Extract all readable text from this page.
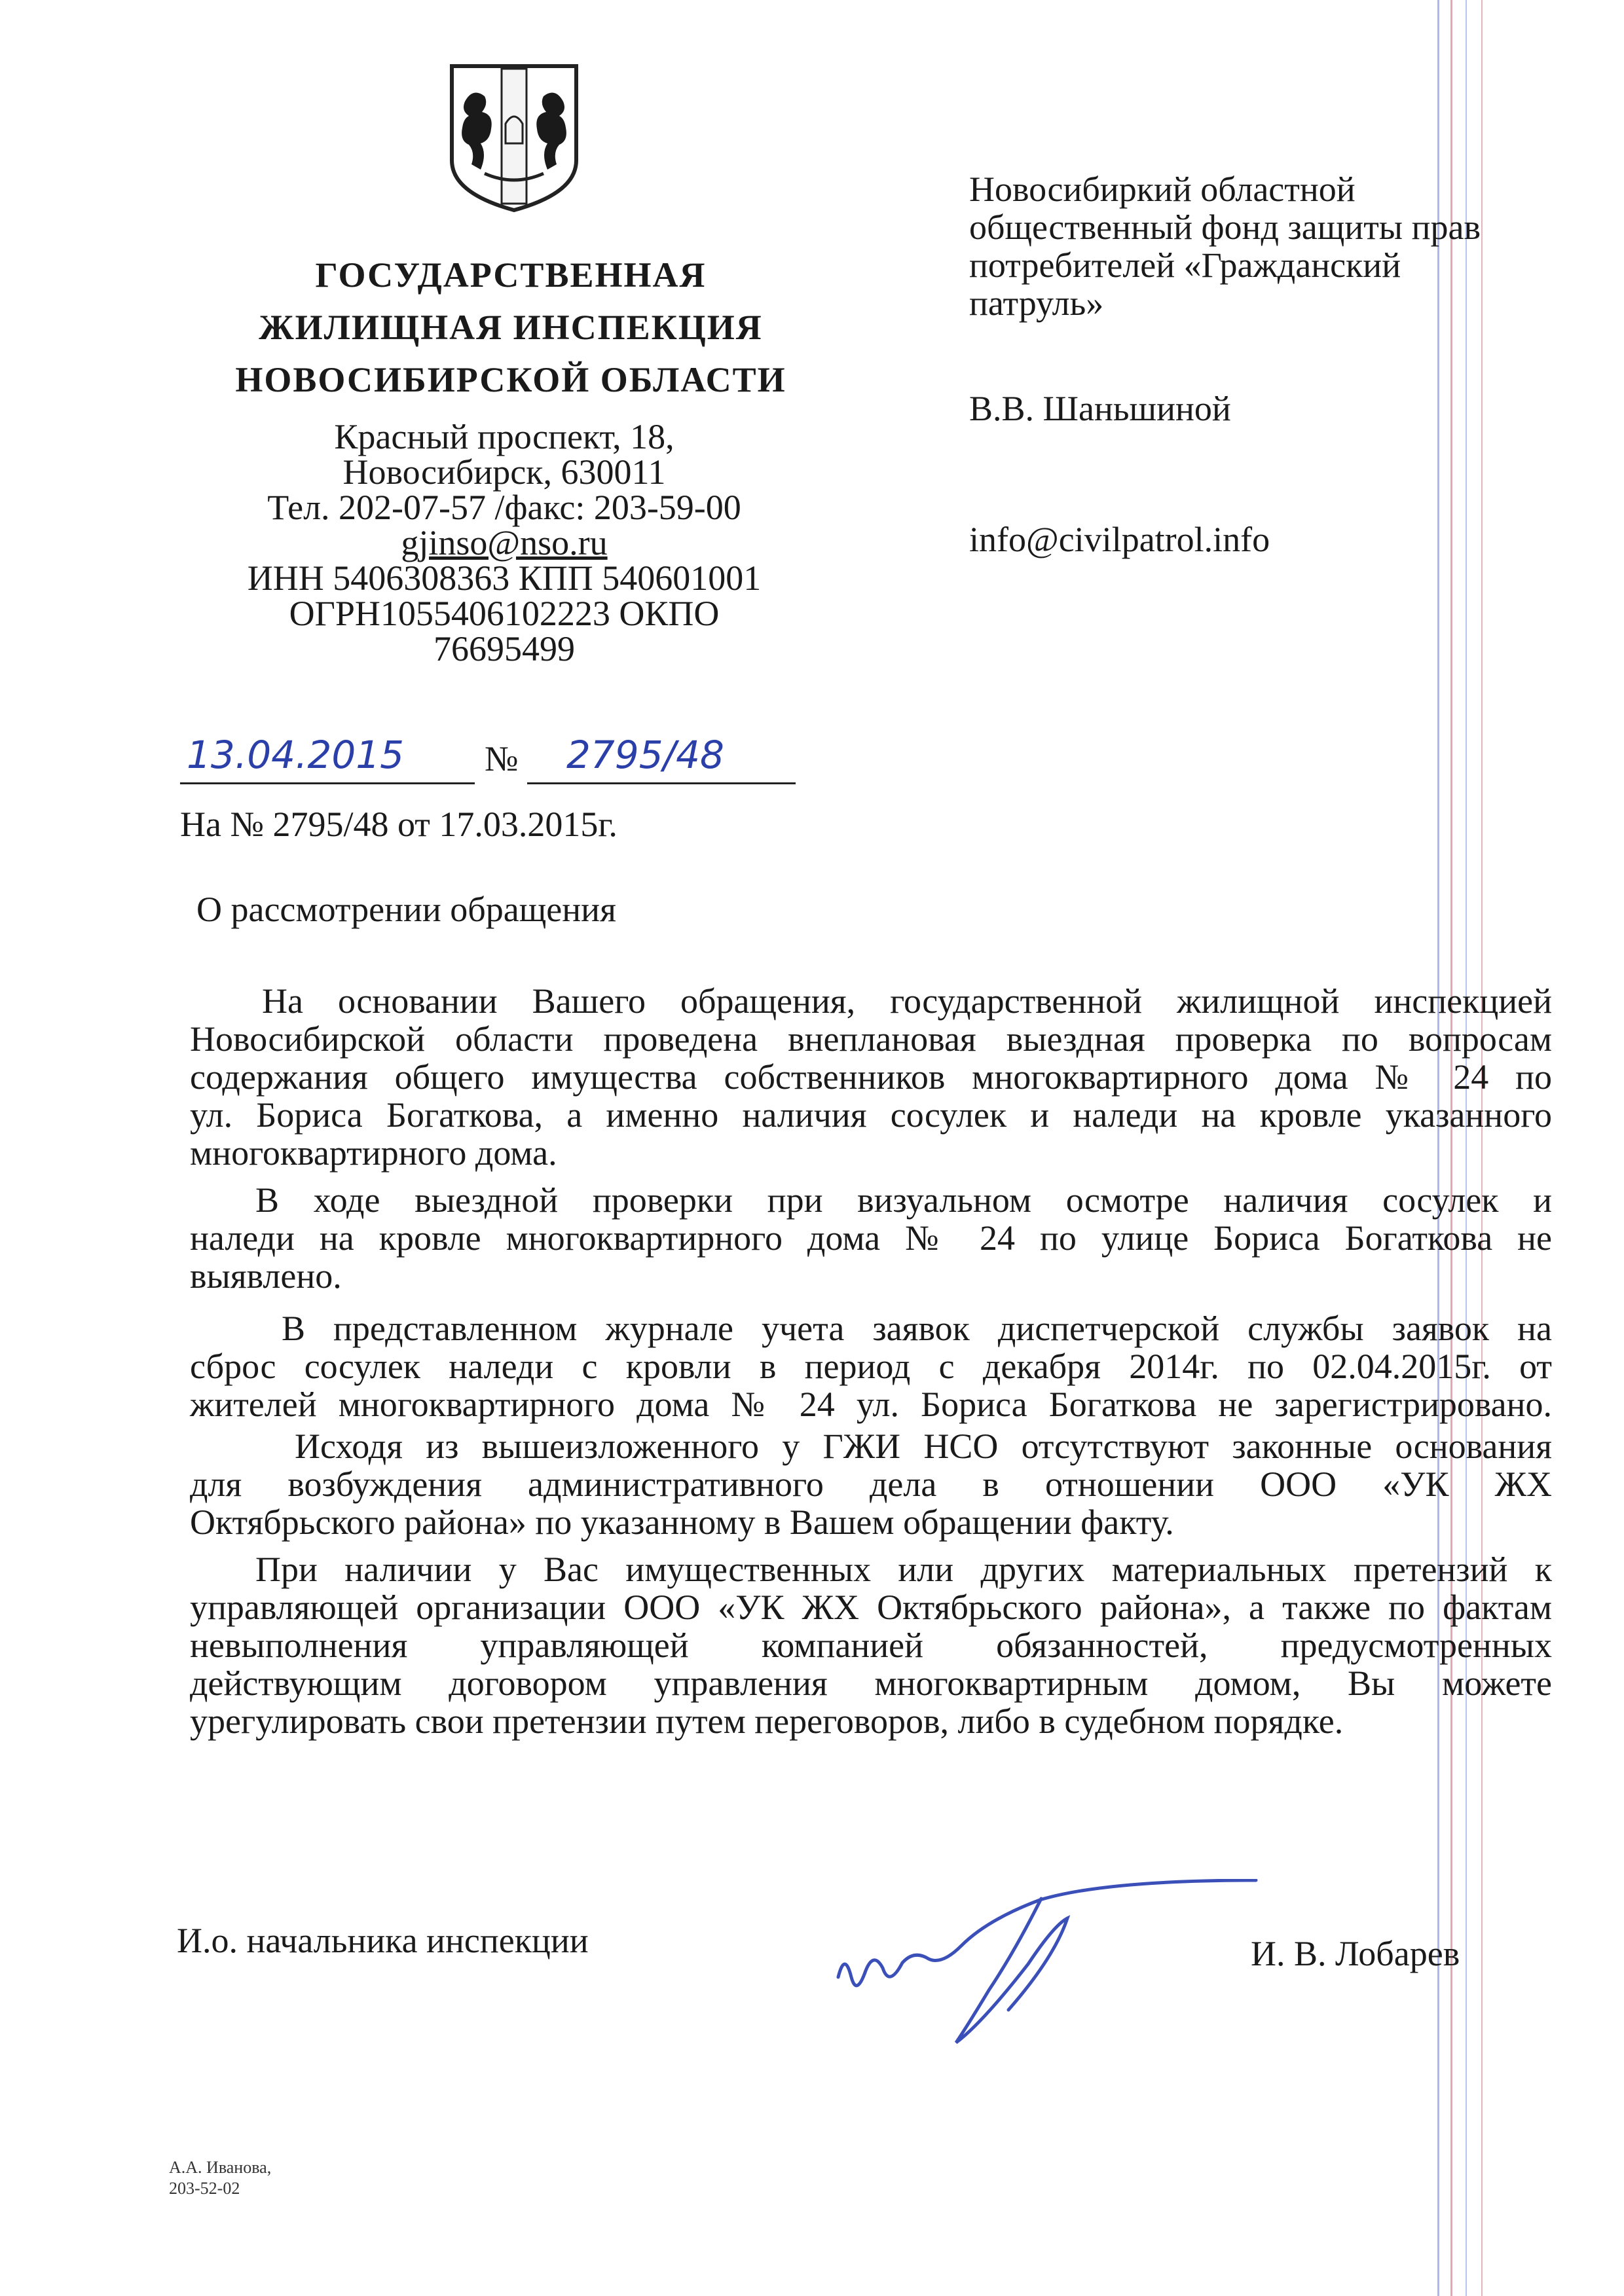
ГОСУДАРСТВЕННАЯ
ЖИЛИЩНАЯ ИНСПЕКЦИЯ
НОВОСИБИРСКОЙ ОБЛАСТИ
Красный проспект, 18,
Новосибирск, 630011
Тел. 202-07-57 /факс: 203-59-00
gjinso@nso.ru
ИНН 5406308363 КПП 540601001
ОГРН1055406102223 ОКПО
76695499
13.04.2015 № 2795/48
На № 2795/48 от 17.03.2015г.
Новосибиркий областной
общественный фонд защиты прав
потребителей «Гражданский
патруль»
В.В. Шаньшиной
info@civilpatrol.info
О рассмотрении обращения
На основании Вашего обращения, государственной жилищной инспекцией
Новосибирской области проведена внеплановая выездная проверка по вопросам
содержания общего имущества собственников многоквартирного дома № 24 по
ул. Бориса Богаткова, а именно наличия сосулек и наледи на кровле указанного
многоквартирного дома.
В ходе выездной проверки при визуальном осмотре наличия сосулек и
наледи на кровле многоквартирного дома № 24 по улице Бориса Богаткова не
выявлено.
В представленном журнале учета заявок диспетчерской службы заявок на
сброс сосулек наледи с кровли в период с декабря 2014г. по 02.04.2015г. от
жителей многоквартирного дома № 24 ул. Бориса Богаткова не зарегистрировано.
Исходя из вышеизложенного у ГЖИ НСО отсутствуют законные основания
для возбуждения административного дела в отношении ООО «УК ЖХ
Октябрьского района» по указанному в Вашем обращении факту.
При наличии у Вас имущественных или других материальных претензий к
управляющей организации ООО «УК ЖХ Октябрьского района», а также по фактам
невыполнения управляющей компанией обязанностей, предусмотренных
действующим договором управления многоквартирным домом, Вы можете
урегулировать свои претензии путем переговоров, либо в судебном порядке.
И.о. начальника инспекции	И. В. Лобарев
А.А. Иванова,
203-52-02
